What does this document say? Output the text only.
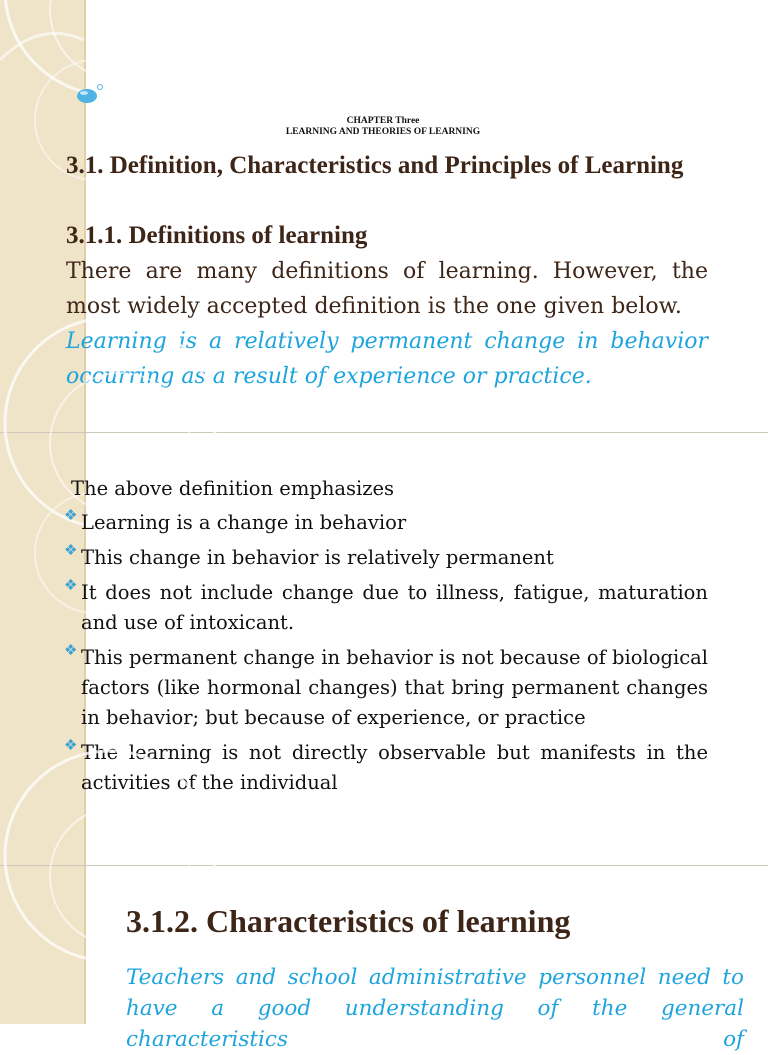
CHAPTER Three
LEARNING AND THEORIES OF LEARNING
3.1. Definition, Characteristics and Principles of Learning
3.1.1. Definitions of learning
There are many definitions of learning. However, the most widely accepted definition is the one given below.
Learning is a relatively permanent change in behavior occurring as a result of experience or practice.
The above definition emphasizes
❖ Learning is a change in behavior
❖ This change in behavior is relatively permanent
❖ It does not include change due to illness, fatigue, maturation and use of intoxicant.
❖ This permanent change in behavior is not because of biological factors (like hormonal changes) that bring permanent changes in behavior; but because of experience, or practice
❖ The learning is not directly observable but manifests in the activities of the individual
3.1.2. Characteristics of learning
Teachers and school administrative personnel need to have a good understanding of the general characteristics of
